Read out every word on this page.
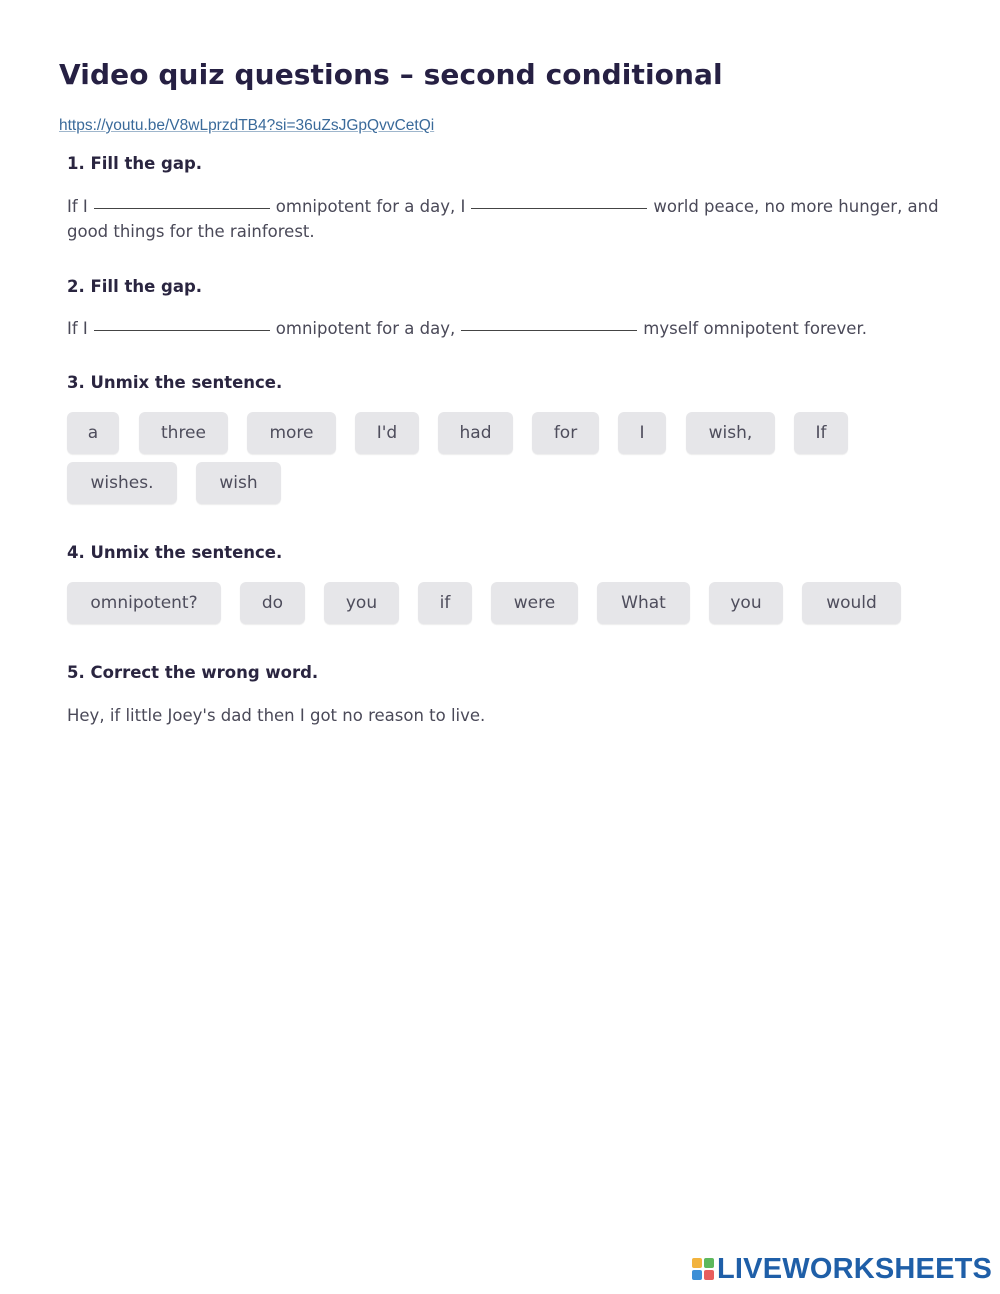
Video quiz questions – second conditional
https://youtu.be/V8wLprzdTB4?si=36uZsJGpQvvCetQi
1. Fill the gap.

If I	omnipotent for a day, I	world peace, no more hunger, and good things for the rainforest.

2. Fill the gap.

If I	omnipotent for a day,	myself omnipotent forever.

3. Unmix the sentence.
a	three	more	I'd	had	for	I	wish,	If
wishes.	wish
4. Unmix the sentence.
omnipotent?	do	you	if	were	What	you	would
5. Correct the wrong word.

Hey, if little Joey's dad then I got no reason to live.

LIVEWORKSHEETS
